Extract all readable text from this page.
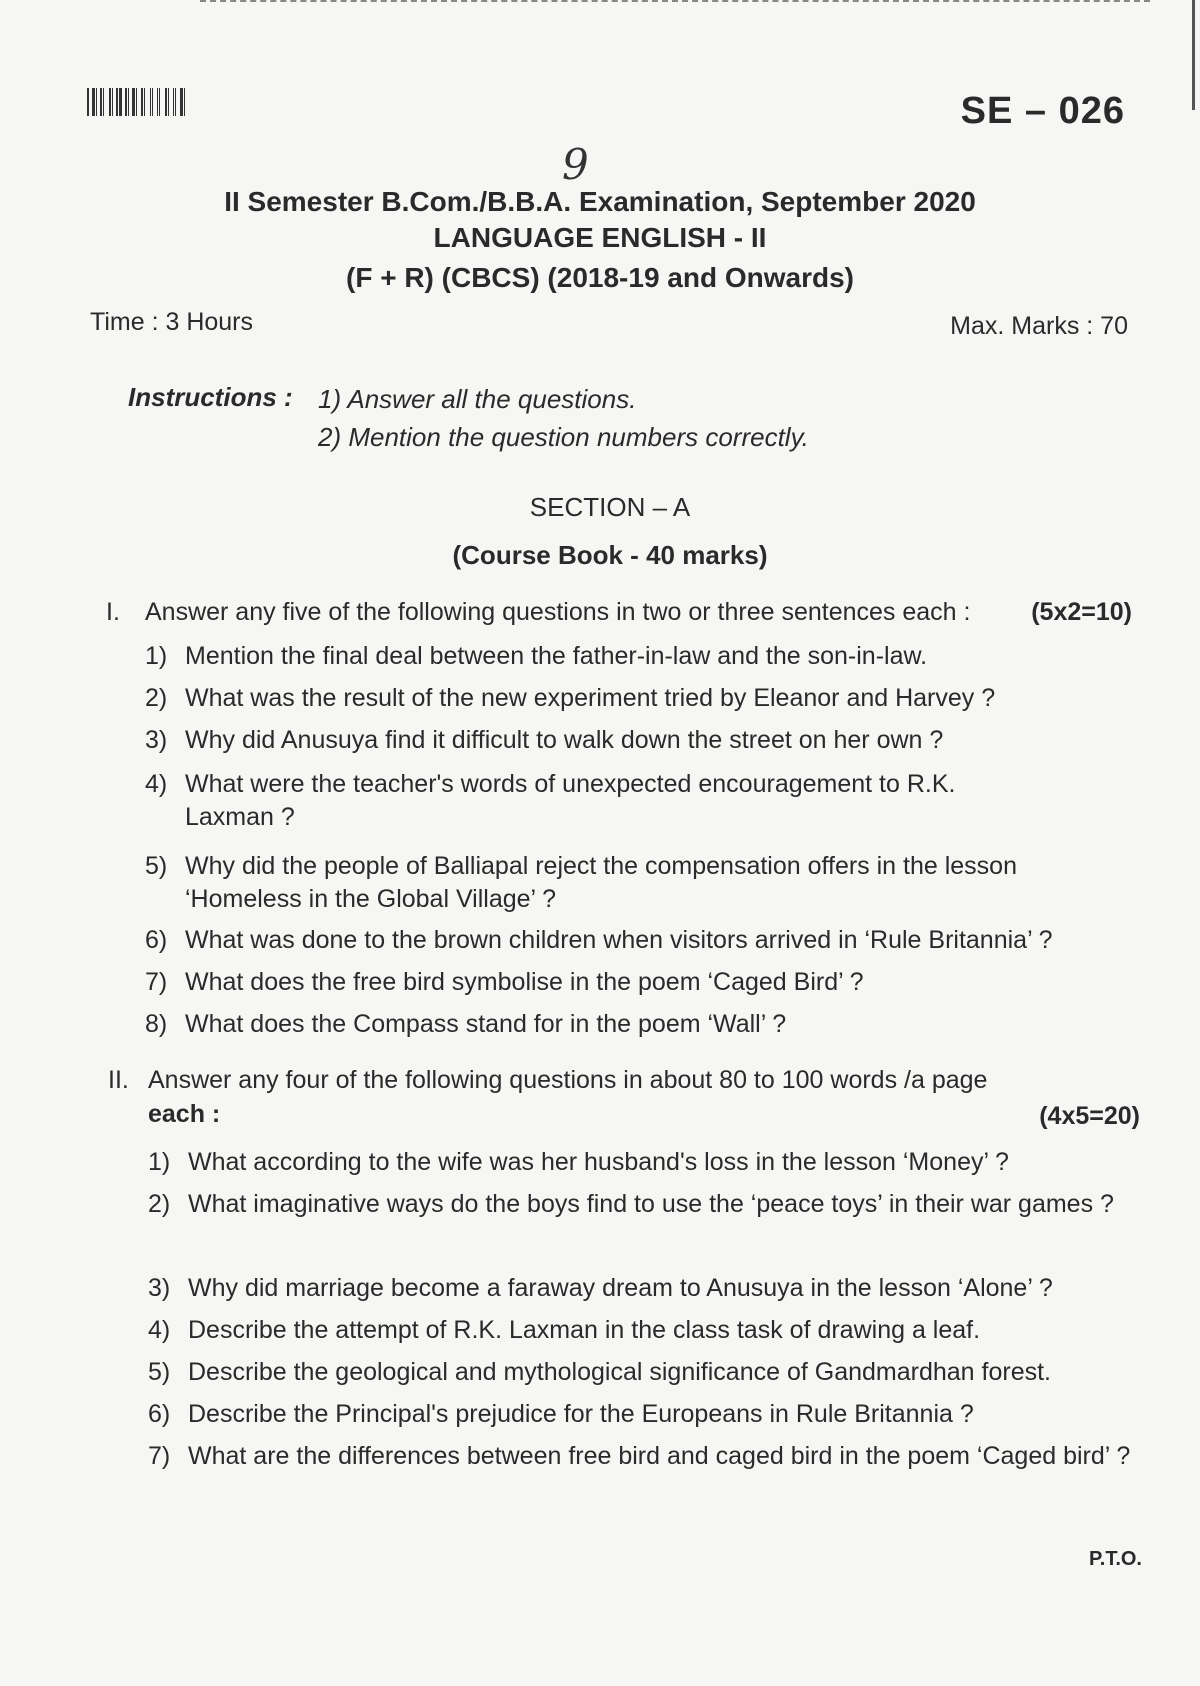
SE – 026
9
II Semester B.Com./B.B.A. Examination, September 2020
LANGUAGE ENGLISH - II
(F + R) (CBCS) (2018-19 and Onwards)
Time : 3 Hours	Max. Marks : 70
Instructions : 1) Answer all the questions.
2) Mention the question numbers correctly.
SECTION – A
(Course Book - 40 marks)
I. Answer any five of the following questions in two or three sentences each : (5x2=10)
1) Mention the final deal between the father-in-law and the son-in-law.
2) What was the result of the new experiment tried by Eleanor and Harvey ?
3) Why did Anusuya find it difficult to walk down the street on her own ?
4) What were the teacher's words of unexpected encouragement to R.K. Laxman ?
5) Why did the people of Balliapal reject the compensation offers in the lesson ‘Homeless in the Global Village’ ?
6) What was done to the brown children when visitors arrived in ‘Rule Britannia’ ?
7) What does the free bird symbolise in the poem ‘Caged Bird’ ?
8) What does the Compass stand for in the poem ‘Wall’ ?
II. Answer any four of the following questions in about 80 to 100 words /a page
each :	(4x5=20)
1) What according to the wife was her husband's loss in the lesson ‘Money’ ?
2) What imaginative ways do the boys find to use the ‘peace toys’ in their war games ?
3) Why did marriage become a faraway dream to Anusuya in the lesson ‘Alone’ ?
4) Describe the attempt of R.K. Laxman in the class task of drawing a leaf.
5) Describe the geological and mythological significance of Gandmardhan forest.
6) Describe the Principal's prejudice for the Europeans in Rule Britannia ?
7) What are the differences between free bird and caged bird in the poem ‘Caged bird’ ?
P.T.O.
